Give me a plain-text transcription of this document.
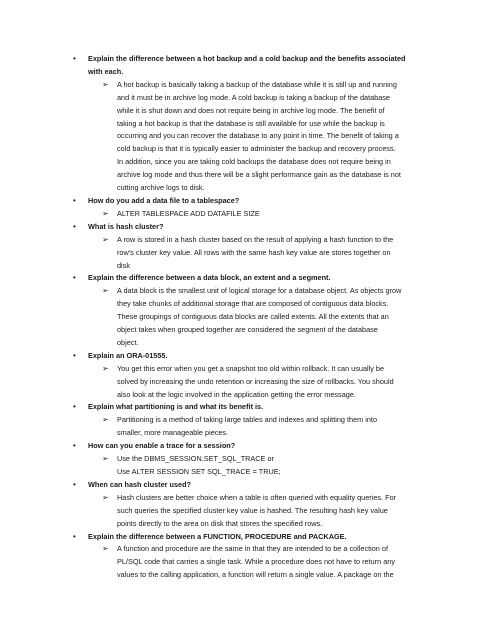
• Explain the difference between a hot backup and a cold backup and the benefits associated
with each.
➢ A hot backup is basically taking a backup of the database while it is still up and running
and it must be in archive log mode. A cold backup is taking a backup of the database
while it is shut down and does not require being in archive log mode. The benefit of
taking a hot backup is that the database is still available for use while the backup is
occurring and you can recover the database to any point in time. The benefit of taking a
cold backup is that it is typically easier to administer the backup and recovery process.
In addition, since you are taking cold backups the database does not require being in
archive log mode and thus there will be a slight performance gain as the database is not
cutting archive logs to disk.
• How do you add a data file to a tablespace?
➢ ALTER TABLESPACE ADD DATAFILE SIZE
• What is hash cluster?
➢ A row is stored in a hash cluster based on the result of applying a hash function to the
row's cluster key value. All rows with the same hash key value are stores together on
disk
• Explain the difference between a data block, an extent and a segment.
➢ A data block is the smallest unit of logical storage for a database object. As objects grow
they take chunks of additional storage that are composed of contiguous data blocks.
These groupings of contiguous data blocks are called extents. All the extents that an
object takes when grouped together are considered the segment of the database
object.
• Explain an ORA-01555.
➢ You get this error when you get a snapshot too old within rollback. It can usually be
solved by increasing the undo retention or increasing the size of rollbacks. You should
also look at the logic involved in the application getting the error message.
• Explain what partitioning is and what its benefit is.
➢ Partitioning is a method of taking large tables and indexes and splitting them into
smaller, more manageable pieces.
• How can you enable a trace for a session?
➢ Use the DBMS_SESSION.SET_SQL_TRACE or
Use ALTER SESSION SET SQL_TRACE = TRUE;
• When can hash cluster used?
➢ Hash clusters are better choice when a table is often queried with equality queries. For
such queries the specified cluster key value is hashed. The resulting hash key value
points directly to the area on disk that stores the specified rows.
• Explain the difference between a FUNCTION, PROCEDURE and PACKAGE.
➢ A function and procedure are the same in that they are intended to be a collection of
PL/SQL code that carries a single task. While a procedure does not have to return any
values to the calling application, a function will return a single value. A package on the
